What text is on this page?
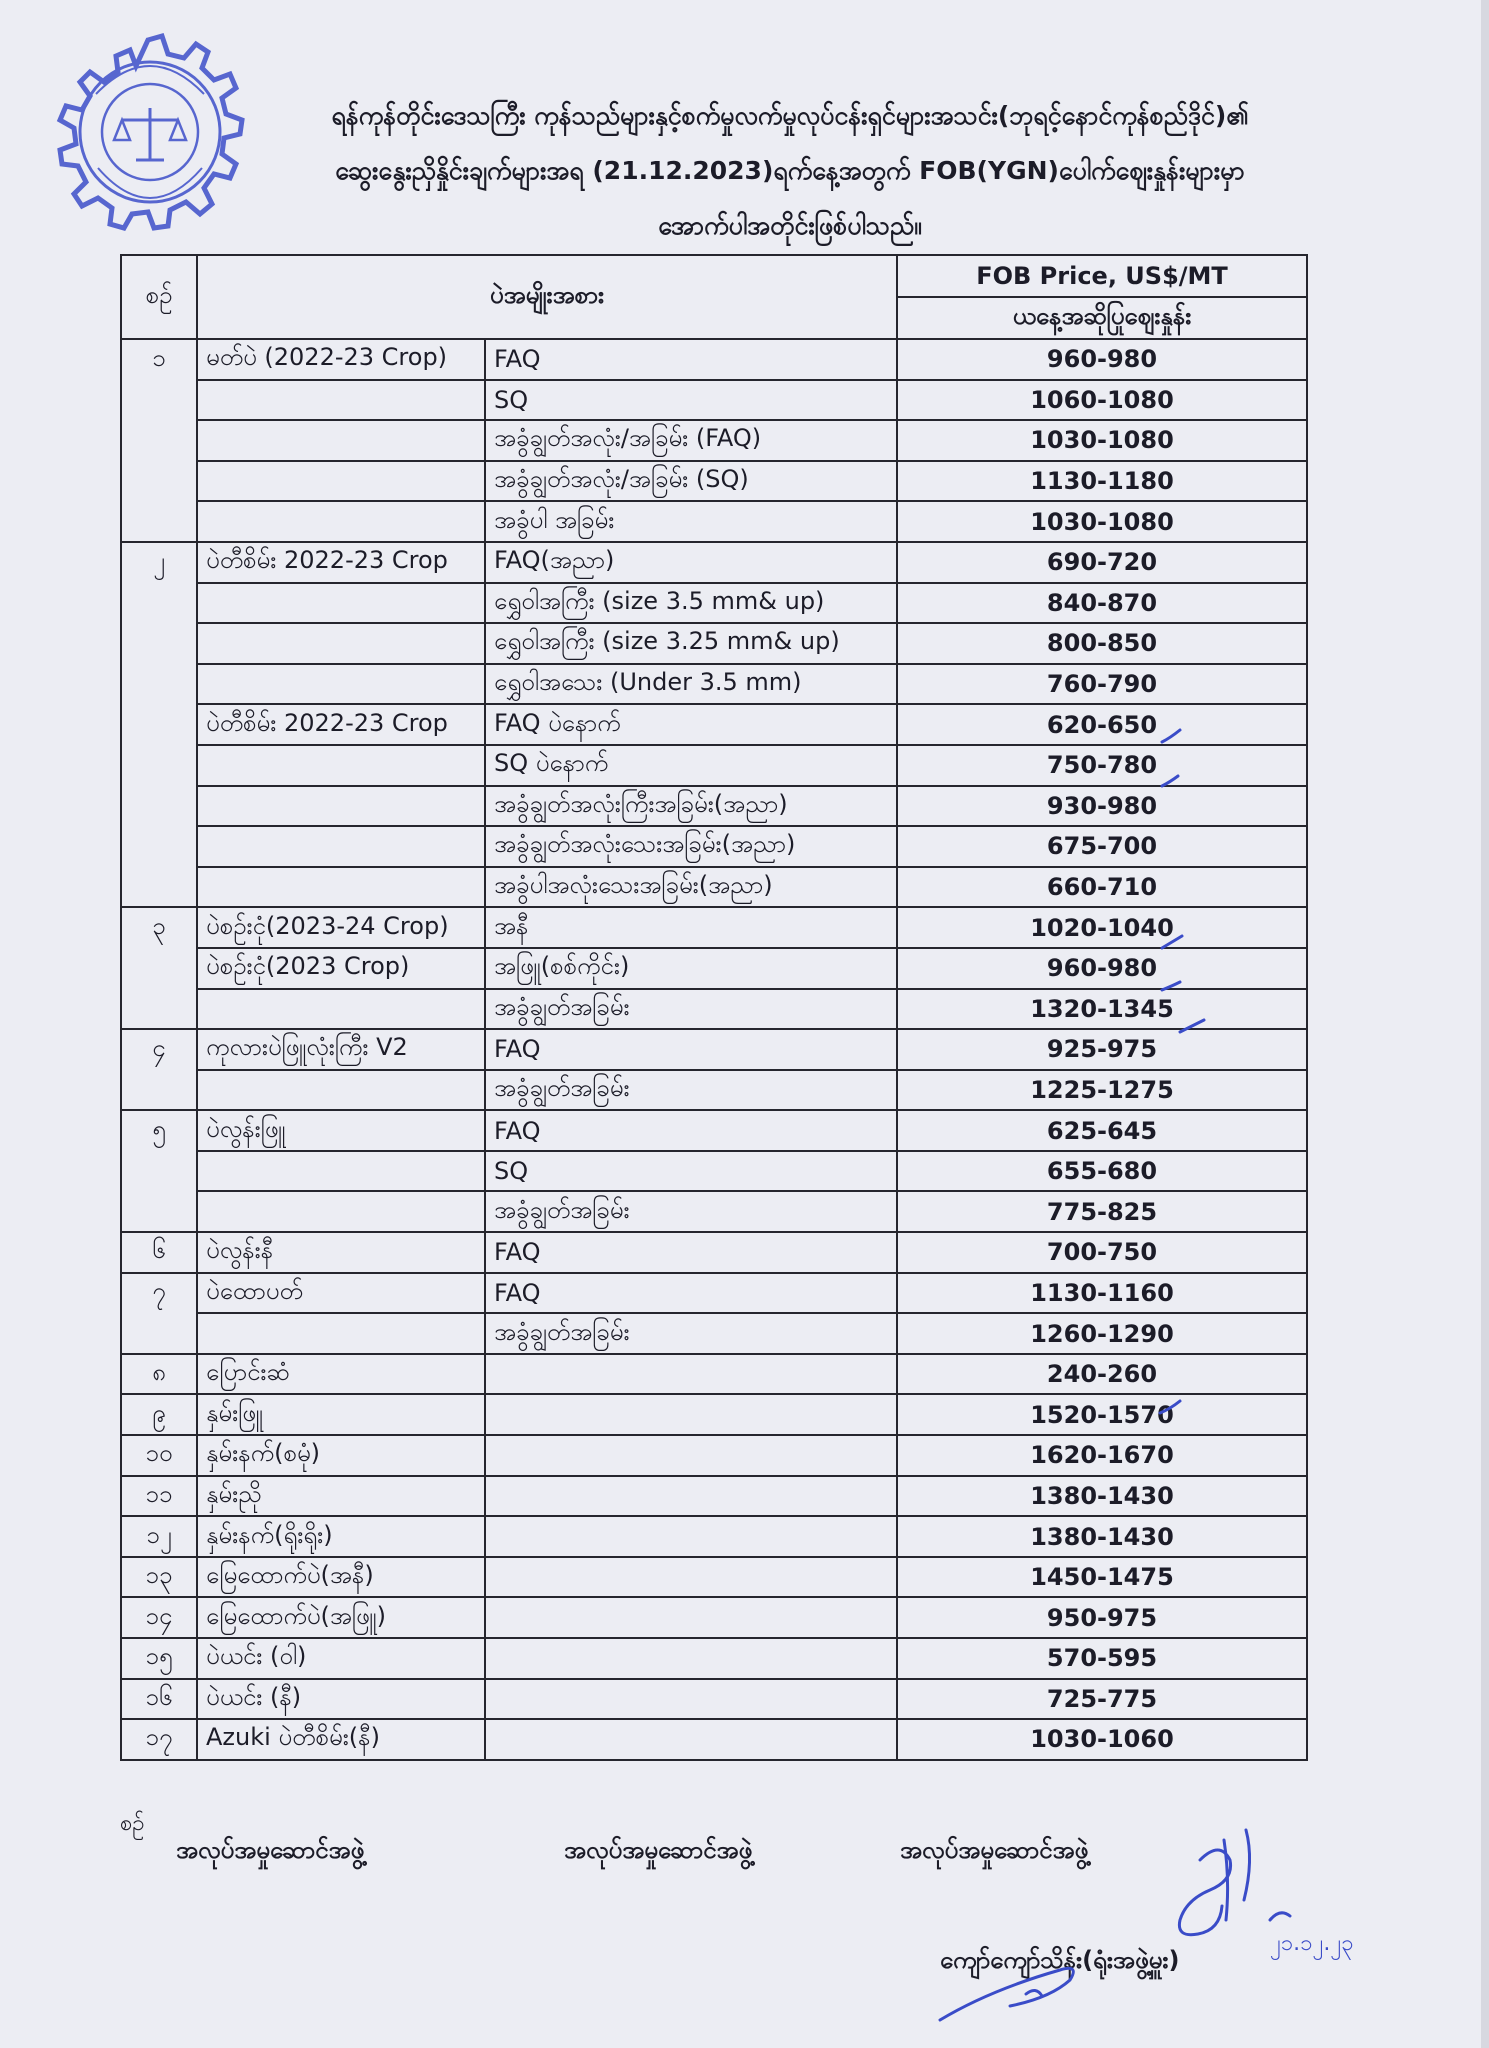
ရန်ကုန်တိုင်းဒေသကြီး ကုန်သည်များနှင့်စက်မှုလက်မှုလုပ်ငန်းရှင်များအသင်း(ဘုရင့်နောင်ကုန်စည်ဒိုင်)၏
ဆွေးနွေးညှိနှိုင်းချက်များအရ (21.12.2023)ရက်နေ့အတွက် FOB(YGN)ပေါက်ဈေးနှုန်းများမှာ
အောက်ပါအတိုင်းဖြစ်ပါသည်။
စဉ်	ပဲအမျိုးအစား		FOB Price, US$/MT
			ယနေ့အဆိုပြုဈေးနှုန်း
၁	မတ်ပဲ (2022-23 Crop)	FAQ	960-980
		SQ	1060-1080
		အခွံချွတ်အလုံး/အခြမ်း (FAQ)	1030-1080
		အခွံချွတ်အလုံး/အခြမ်း (SQ)	1130-1180
		အခွံပါ အခြမ်း	1030-1080
၂	ပဲတီစိမ်း 2022-23 Crop	FAQ(အညာ)	690-720
		ရွှေဝါအကြီး (size 3.5 mm& up)	840-870
		ရွှေဝါအကြီး (size 3.25 mm& up)	800-850
		ရွှေဝါအသေး (Under 3.5 mm)	760-790
	ပဲတီစိမ်း 2022-23 Crop	FAQ ပဲနောက်	620-650
		SQ ပဲနောက်	750-780
		အခွံချွတ်အလုံးကြီးအခြမ်း(အညာ)	930-980
		အခွံချွတ်အလုံးသေးအခြမ်း(အညာ)	675-700
		အခွံပါအလုံးသေးအခြမ်း(အညာ)	660-710
၃	ပဲစဉ်းငုံ(2023-24 Crop)	အနီ	1020-1040
	ပဲစဉ်းငုံ(2023 Crop)	အဖြူ(စစ်ကိုင်း)	960-980
		အခွံချွတ်အခြမ်း	1320-1345
၄	ကုလားပဲဖြူလုံးကြီး V2	FAQ	925-975
		အခွံချွတ်အခြမ်း	1225-1275
၅	ပဲလွန်းဖြူ	FAQ	625-645
		SQ	655-680
		အခွံချွတ်အခြမ်း	775-825
၆	ပဲလွန်းနီ	FAQ	700-750
၇	ပဲထောပတ်	FAQ	1130-1160
		အခွံချွတ်အခြမ်း	1260-1290
၈	ပြောင်းဆံ		240-260
၉	နှမ်းဖြူ		1520-1570
၁၀	နှမ်းနက်(စမုံ)		1620-1670
၁၁	နှမ်းညို		1380-1430
၁၂	နှမ်းနက်(ရိုးရိုး)		1380-1430
၁၃	မြေထောက်ပဲ(အနီ)		1450-1475
၁၄	မြေထောက်ပဲ(အဖြူ)		950-975
၁၅	ပဲယင်း (ဝါ)		570-595
၁၆	ပဲယင်း (နီ)		725-775
၁၇	Azuki ပဲတီစိမ်း(နီ)		1030-1060
စဉ်
အလုပ်အမှုဆောင်အဖွဲ့	အလုပ်အမှုဆောင်အဖွဲ့	အလုပ်အမှုဆောင်အဖွဲ့
၂၁.၁၂.၂၃
ကျော်ကျော်သိန်း(ရုံးအဖွဲ့မှူး)
